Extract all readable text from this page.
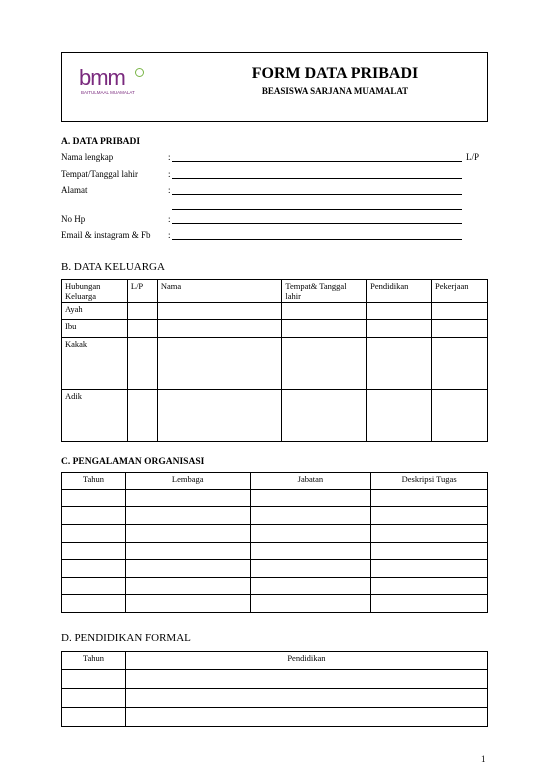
bmm
BAITULMAAL MUAMALAT
FORM DATA PRIBADI
BEASISWA SARJANA MUAMALAT
A. DATA PRIBADI
Nama lengkap	:	L/P
Tempat/Tanggal lahir	:
Alamat	:
No Hp	:
Email & instagram & Fb :
B. DATA KELUARGA
Hubungan Keluarga	L/P	Nama	Tempat& Tanggal lahir	Pendidikan	Pekerjaan
Ayah					
Ibu					
Kakak					
Adik					
C. PENGALAMAN ORGANISASI
Tahun	Lembaga	Jabatan	Deskripsi Tugas

D. PENDIDIKAN FORMAL
Tahun	Pendidikan

1
